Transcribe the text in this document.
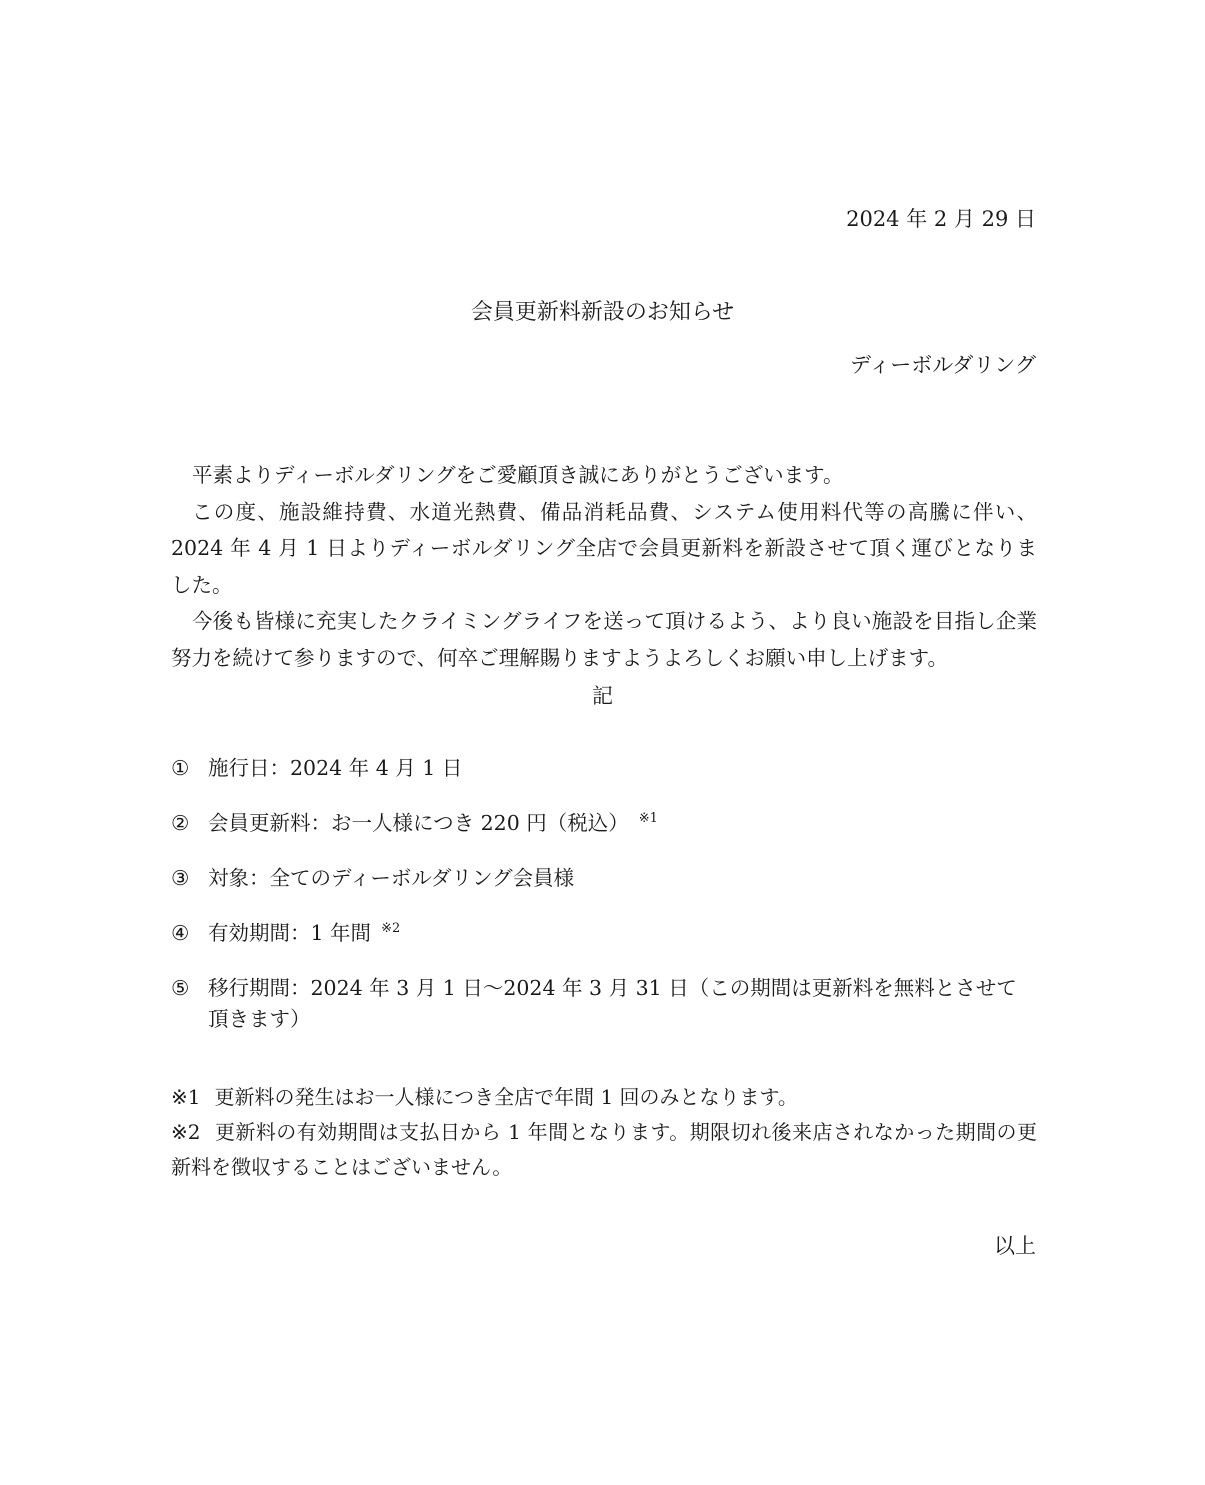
2024 年 2 月 29 日
会員更新料新設のお知らせ
ディーボルダリング

平素よりディーボルダリングをご愛顧頂き誠にありがとうございます。

この度、施設維持費、水道光熱費、備品消耗品費、システム使用料代等の高騰に伴い、2024 年 4 月 1 日よりディーボルダリング全店で会員更新料を新設させて頂く運びとなりました。

今後も皆様に充実したクライミングライフを送って頂けるよう、より良い施設を目指し企業努力を続けて参りますので、何卒ご理解賜りますようよろしくお願い申し上げます。

記
① 施行日：2024 年 4 月 1 日
② 会員更新料：お一人様につき 220 円（税込） $^{※1}$
③ 対象：全てのディーボルダリング会員様
④ 有効期間：1 年間 $^{※2}$
⑤ 移行期間：2024 年 3 月 1 日～2024 年 3 月 31 日（この期間は更新料を無料とさせて頂きます）

※1 更新料の発生はお一人様につき全店で年間 1 回のみとなります。

※2 更新料の有効期間は支払日から 1 年間となります。期限切れ後来店されなかった期間の更新料を徴収することはございません。

以上
